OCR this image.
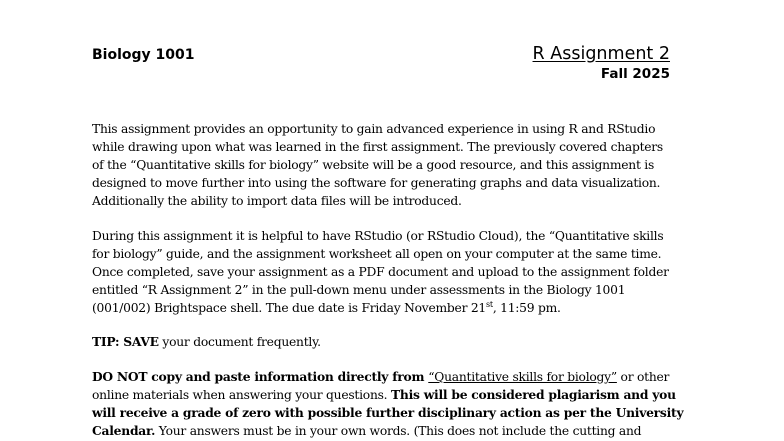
Biology 1001	R Assignment 2
Fall 2025
This assignment provides an opportunity to gain advanced experience in using R and RStudio
while drawing upon what was learned in the first assignment. The previously covered chapters
of the “Quantitative skills for biology” website will be a good resource, and this assignment is
designed to move further into using the software for generating graphs and data visualization.
Additionally the ability to import data files will be introduced.
During this assignment it is helpful to have RStudio (or RStudio Cloud), the “Quantitative skills
for biology” guide, and the assignment worksheet all open on your computer at the same time.
Once completed, save your assignment as a PDF document and upload to the assignment folder
entitled “R Assignment 2” in the pull-down menu under assessments in the Biology 1001
(001/002) Brightspace shell. The due date is Friday November 21st, 11:59 pm.
TIP: SAVE your document frequently.
DO NOT copy and paste information directly from “Quantitative skills for biology” or other
online materials when answering your questions. This will be considered plagiarism and you
will receive a grade of zero with possible further disciplinary action as per the University
Calendar. Your answers must be in your own words. (This does not include the cutting and
